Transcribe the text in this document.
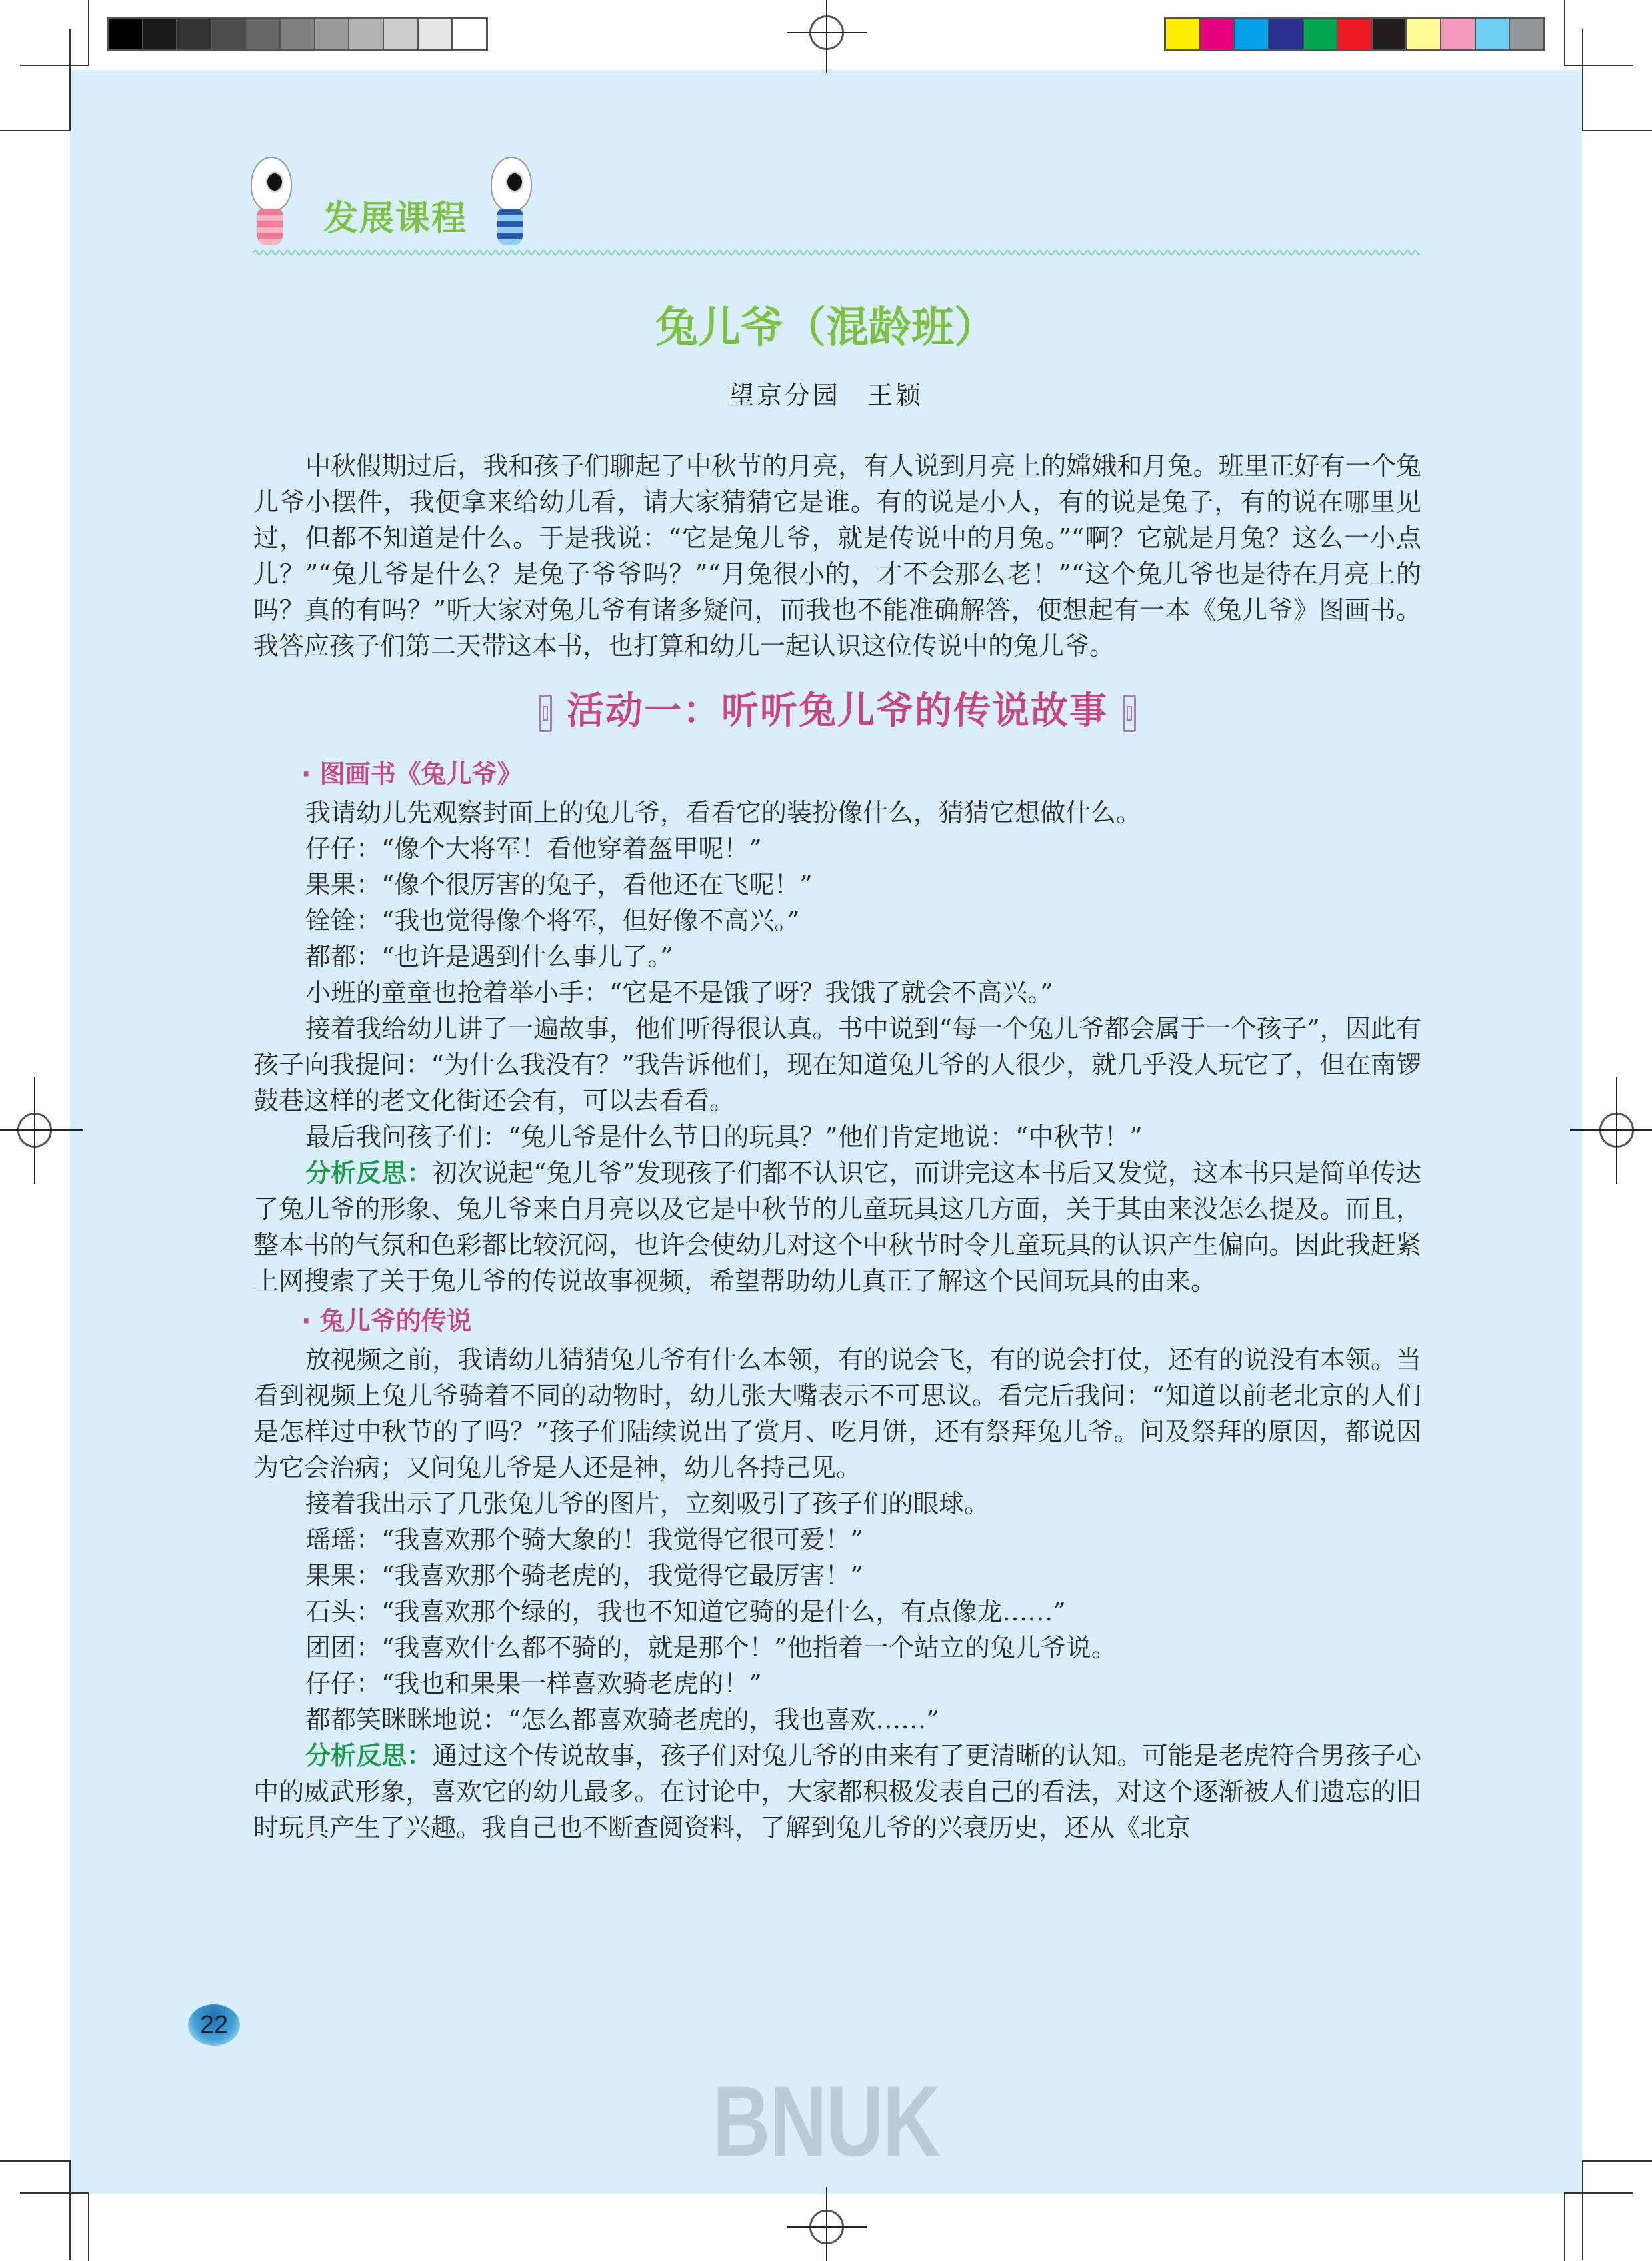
发展课程
兔儿爷（混龄班）
望京分园 王颖

中秋假期过后，我和孩子们聊起了中秋节的月亮，有人说到月亮上的嫦娥和月兔。班里正好有一个兔儿爷小摆件，我便拿来给幼儿看，请大家猜猜它是谁。有的说是小人，有的说是兔子，有的说在哪里见过，但都不知道是什么。于是我说：“它是兔儿爷，就是传说中的月兔。”“啊？它就是月兔？这么一小点儿？”“兔儿爷是什么？是兔子爷爷吗？”“月兔很小的，才不会那么老！”“这个兔儿爷也是待在月亮上的吗？真的有吗？”听大家对兔儿爷有诸多疑问，而我也不能准确解答，便想起有一本《兔儿爷》图画书。我答应孩子们第二天带这本书，也打算和幼儿一起认识这位传说中的兔儿爷。

活动一：听听兔儿爷的传说故事
· 图画书《兔儿爷》

我请幼儿先观察封面上的兔儿爷，看看它的装扮像什么，猜猜它想做什么。

仔仔：“像个大将军！看他穿着盔甲呢！”

果果：“像个很厉害的兔子，看他还在飞呢！”

铨铨：“我也觉得像个将军，但好像不高兴。”

都都：“也许是遇到什么事儿了。”

小班的童童也抢着举小手：“它是不是饿了呀？我饿了就会不高兴。”

接着我给幼儿讲了一遍故事，他们听得很认真。书中说到“每一个兔儿爷都会属于一个孩子”，因此有孩子向我提问：“为什么我没有？”我告诉他们，现在知道兔儿爷的人很少，就几乎没人玩它了，但在南锣鼓巷这样的老文化街还会有，可以去看看。

最后我问孩子们：“兔儿爷是什么节日的玩具？”他们肯定地说：“中秋节！”

分析反思：初次说起“兔儿爷”发现孩子们都不认识它，而讲完这本书后又发觉，这本书只是简单传达了兔儿爷的形象、兔儿爷来自月亮以及它是中秋节的儿童玩具这几方面，关于其由来没怎么提及。而且，整本书的气氛和色彩都比较沉闷，也许会使幼儿对这个中秋节时令儿童玩具的认识产生偏向。因此我赶紧上网搜索了关于兔儿爷的传说故事视频，希望帮助幼儿真正了解这个民间玩具的由来。

· 兔儿爷的传说

放视频之前，我请幼儿猜猜兔儿爷有什么本领，有的说会飞，有的说会打仗，还有的说没有本领。当看到视频上兔儿爷骑着不同的动物时，幼儿张大嘴表示不可思议。看完后我问：“知道以前老北京的人们是怎样过中秋节的了吗？”孩子们陆续说出了赏月、吃月饼，还有祭拜兔儿爷。问及祭拜的原因，都说因为它会治病；又问兔儿爷是人还是神，幼儿各持己见。

接着我出示了几张兔儿爷的图片，立刻吸引了孩子们的眼球。

瑶瑶：“我喜欢那个骑大象的！我觉得它很可爱！”

果果：“我喜欢那个骑老虎的，我觉得它最厉害！”

石头：“我喜欢那个绿的，我也不知道它骑的是什么，有点像龙……”

团团：“我喜欢什么都不骑的，就是那个！”他指着一个站立的兔儿爷说。

仔仔：“我也和果果一样喜欢骑老虎的！”

都都笑眯眯地说：“怎么都喜欢骑老虎的，我也喜欢……”

分析反思：通过这个传说故事，孩子们对兔儿爷的由来有了更清晰的认知。可能是老虎符合男孩子心中的威武形象，喜欢它的幼儿最多。在讨论中，大家都积极发表自己的看法，对这个逐渐被人们遗忘的旧时玩具产生了兴趣。我自己也不断查阅资料，了解到兔儿爷的兴衰历史，还从《北京

22
BNUK
